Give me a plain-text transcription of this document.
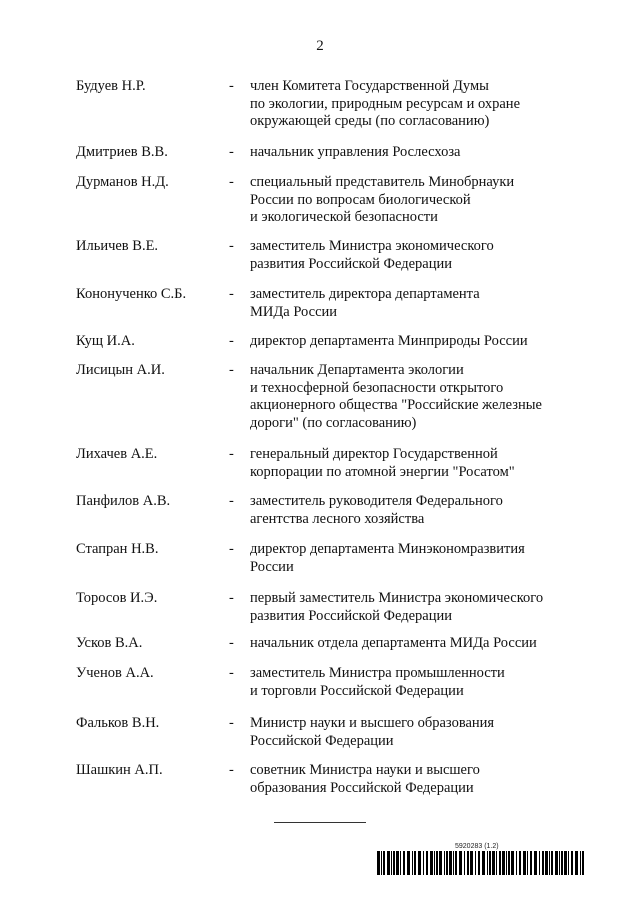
2
Будуев Н.Р.	-	член Комитета Государственной Думы
по экологии, природным ресурсам и охране
окружающей среды (по согласованию)
Дмитриев В.В.	-	начальник управления Рослесхоза
Дурманов Н.Д.	-	специальный представитель Минобрнауки
России по вопросам биологической
и экологической безопасности
Ильичев В.Е.	-	заместитель Министра экономического
развития Российской Федерации
Кононученко С.Б.	-	заместитель директора департамента
МИДа России
Кущ И.А.	-	директор департамента Минприроды России
Лисицын А.И.	-	начальник Департамента экологии
и техносферной безопасности открытого
акционерного общества "Российские железные
дороги" (по согласованию)
Лихачев А.Е.	-	генеральный директор Государственной
корпорации по атомной энергии "Росатом"
Панфилов А.В.	-	заместитель руководителя Федерального
агентства лесного хозяйства
Стапран Н.В.	-	директор департамента Минэкономразвития
России
Торосов И.Э.	-	первый заместитель Министра экономического
развития Российской Федерации
Усков В.А.	-	начальник отдела департамента МИДа России
Ученов А.А.	-	заместитель Министра промышленности
и торговли Российской Федерации
Фальков В.Н.	-	Министр науки и высшего образования
Российской Федерации
Шашкин А.П.	-	советник Министра науки и высшего
образования Российской Федерации
5920283 (1.2)
